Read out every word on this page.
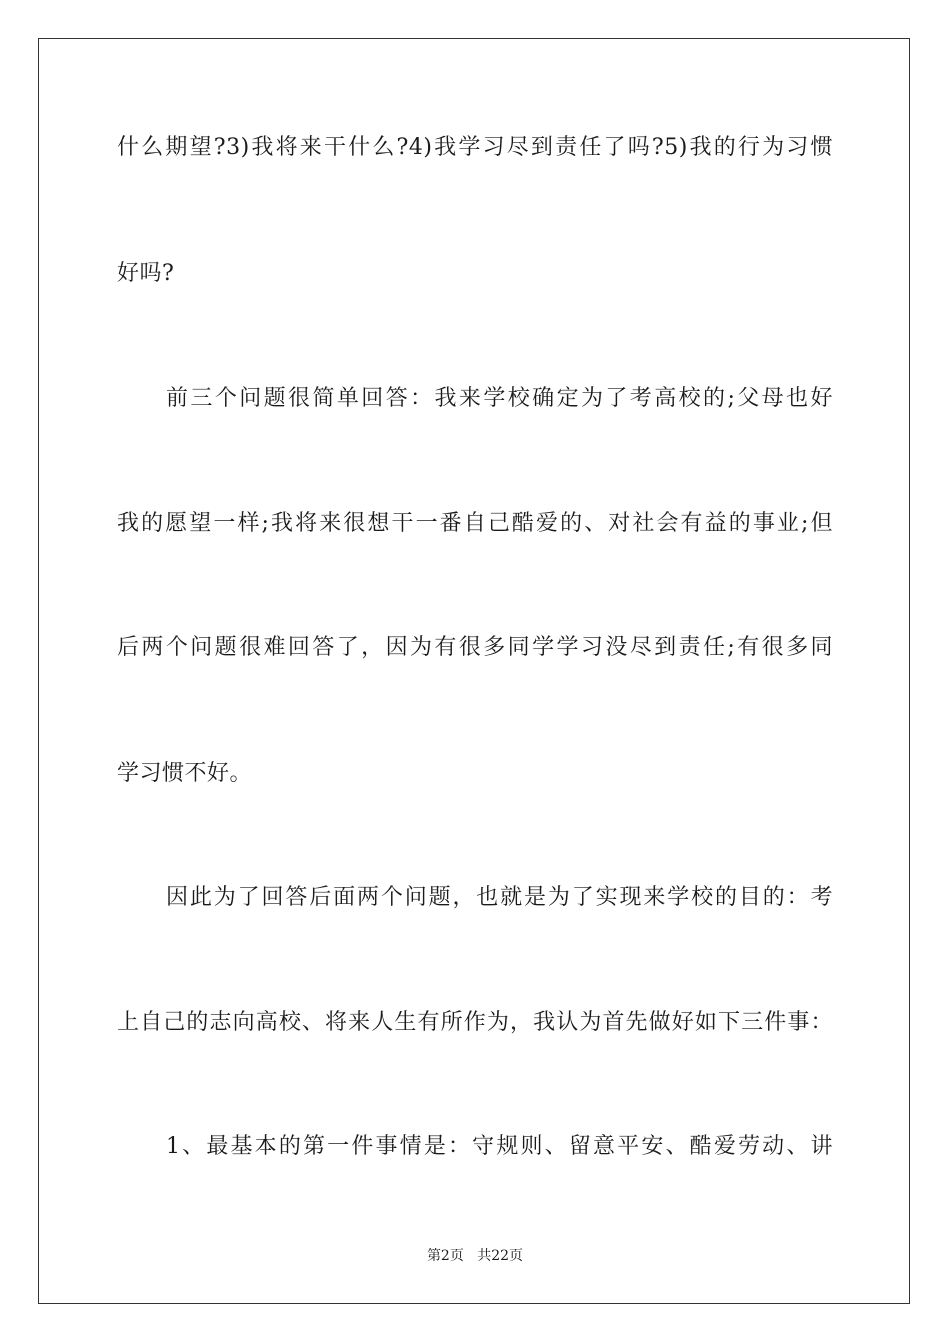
什么期望?3)我将来干什么?4)我学习尽到责任了吗?5)我的行为习惯
好吗?
前三个问题很简单回答：我来学校确定为了考高校的;父母也好
我的愿望一样;我将来很想干一番自己酷爱的、对社会有益的事业;但
后两个问题很难回答了，因为有很多同学学习没尽到责任;有很多同
学习惯不好。
因此为了回答后面两个问题，也就是为了实现来学校的目的：考
上自己的志向高校、将来人生有所作为，我认为首先做好如下三件事：
1、最基本的第一件事情是：守规则、留意平安、酷爱劳动、讲
第2页 共22页
